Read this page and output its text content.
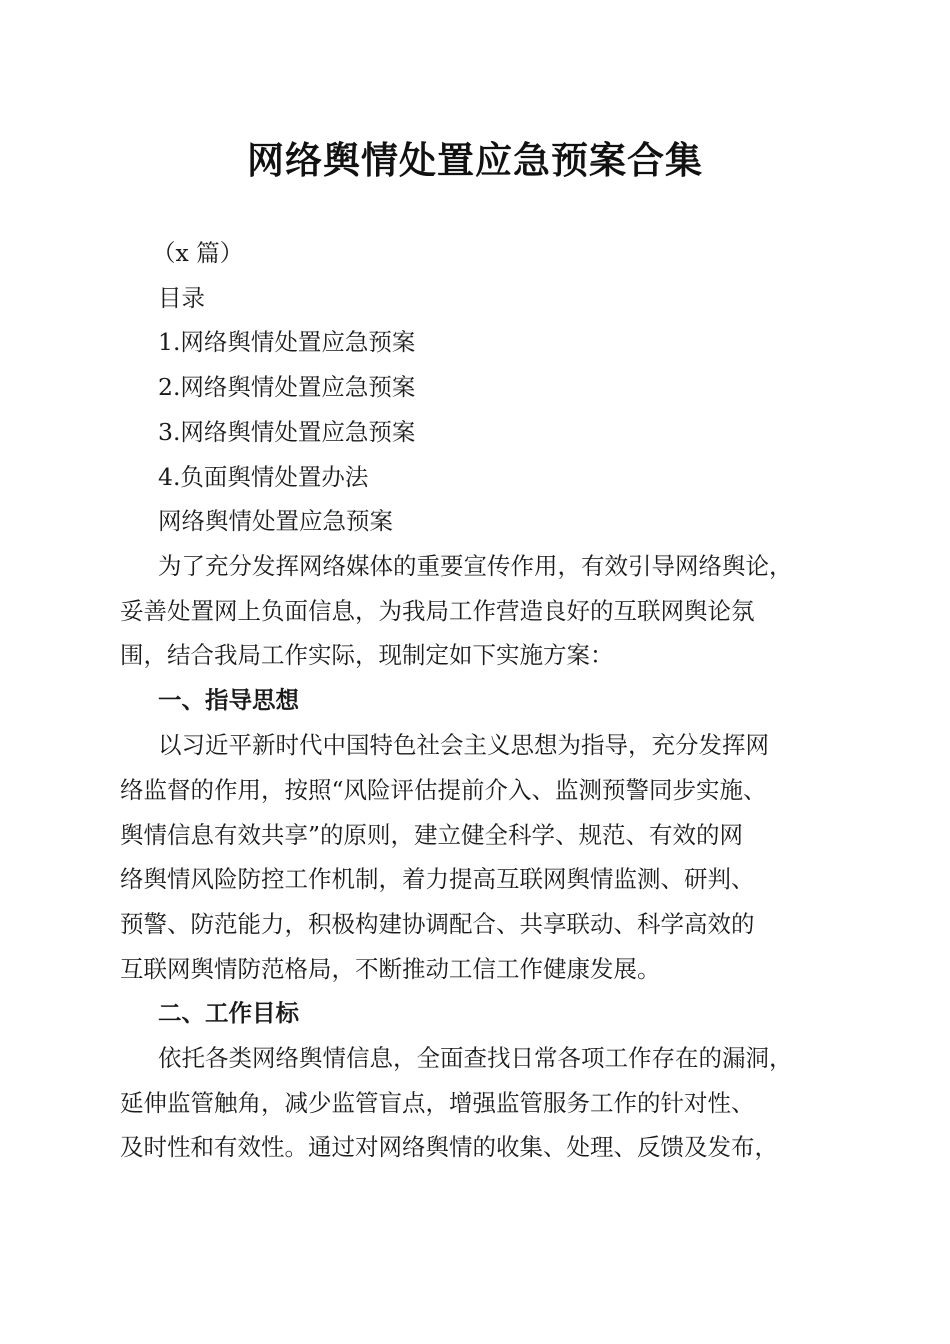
网络舆情处置应急预案合集
（x 篇）
目录
1.网络舆情处置应急预案
2.网络舆情处置应急预案
3.网络舆情处置应急预案
4.负面舆情处置办法
网络舆情处置应急预案
为了充分发挥网络媒体的重要宣传作用，有效引导网络舆论，
妥善处置网上负面信息，为我局工作营造良好的互联网舆论氛
围，结合我局工作实际，现制定如下实施方案：
一、指导思想
以习近平新时代中国特色社会主义思想为指导，充分发挥网
络监督的作用，按照“风险评估提前介入、监测预警同步实施、
舆情信息有效共享”的原则，建立健全科学、规范、有效的网
络舆情风险防控工作机制，着力提高互联网舆情监测、研判、
预警、防范能力，积极构建协调配合、共享联动、科学高效的
互联网舆情防范格局，不断推动工信工作健康发展。
二、工作目标
依托各类网络舆情信息，全面查找日常各项工作存在的漏洞，
延伸监管触角，减少监管盲点，增强监管服务工作的针对性、
及时性和有效性。通过对网络舆情的收集、处理、反馈及发布，
